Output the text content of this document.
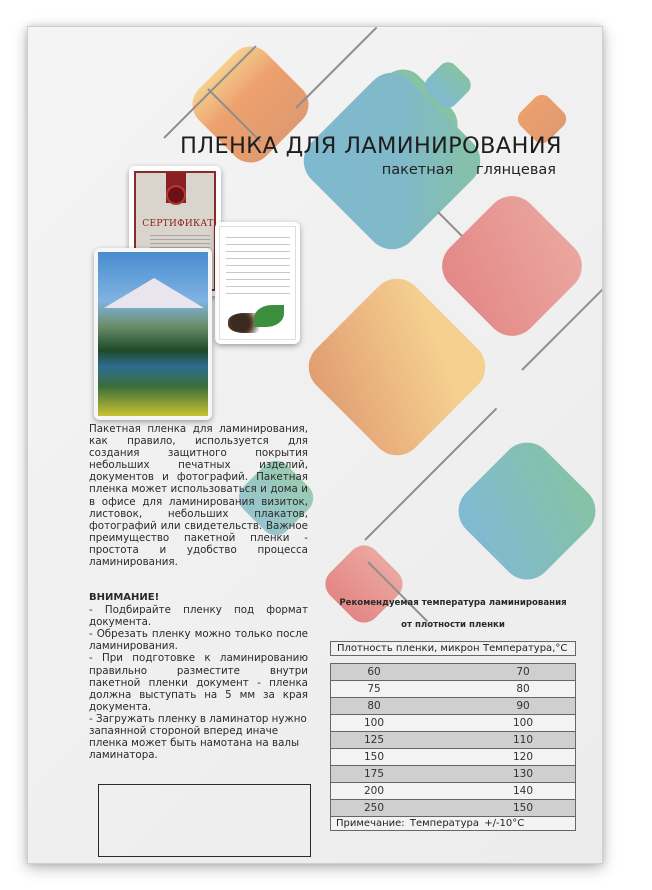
ПЛЕНКА ДЛЯ ЛАМИНИРОВАНИЯ
пакетная глянцевая
СЕРТИФИКАТ
Пакетная пленка для ламинирования, как правило, используется для создания защитного покрытия небольших печатных изделий, документов и фотографий. Пакетная пленка может использоваться и дома и в офисе для ламинирования визиток, листовок, небольших плакатов, фотографий или свидетельств. Важное преимущество пакетной пленки - простота и удобство процесса ламинирования.

ВНИМАНИЕ!

- Подбирайте пленку под формат документа.

- Обрезать пленку можно только после ламинирования.

- При подготовке к ламинированию правильно разместите внутри пакетной пленки документ - пленка должна выступать на 5 мм за края документа.

- Загружать пленку в ламинатор нужно запаянной стороной вперед иначе пленка может быть намотана на валы ламинатора.

Рекомендуемая температура ламинирования
от плотности пленки
Плотность пленки, микрон Температура,°С
60	70
75	80
80	90
100	100
125	110
150	120
175	130
200	140
250	150
Примечание: Температура +/-10°С
